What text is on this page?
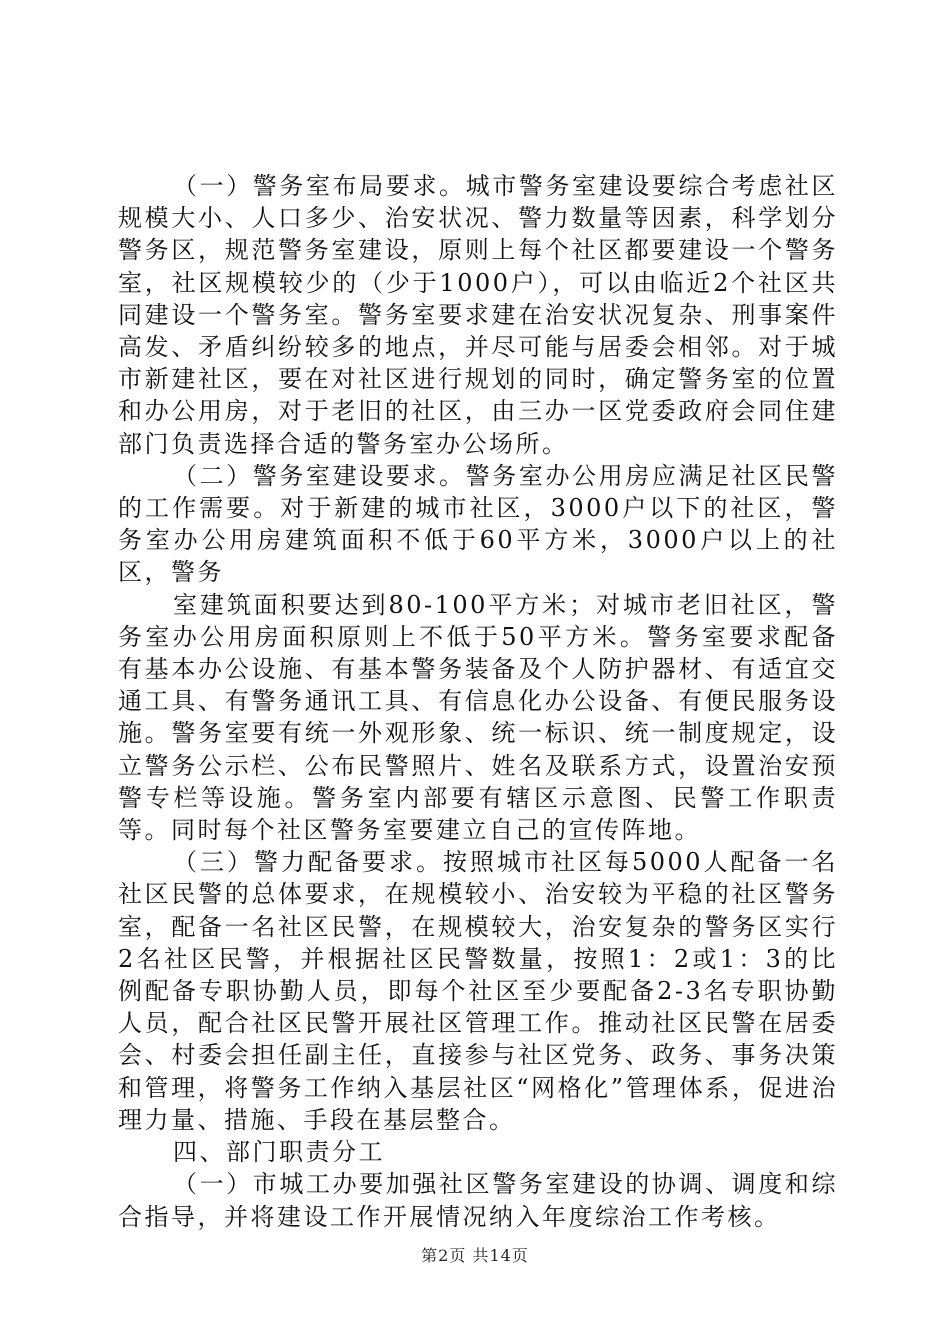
（一）警务室布局要求。城市警务室建设要综合考虑社区规模大小、人口多少、治安状况、警力数量等因素，科学划分警务区，规范警务室建设，原则上每个社区都要建设一个警务室，社区规模较少的（少于1000户），可以由临近2个社区共同建设一个警务室。警务室要求建在治安状况复杂、刑事案件高发、矛盾纠纷较多的地点，并尽可能与居委会相邻。对于城市新建社区，要在对社区进行规划的同时，确定警务室的位置和办公用房，对于老旧的社区，由三办一区党委政府会同住建部门负责选择合适的警务室办公场所。

（二）警务室建设要求。警务室办公用房应满足社区民警的工作需要。对于新建的城市社区，3000户以下的社区，警务室办公用房建筑面积不低于60平方米，3000户以上的社区，警务

室建筑面积要达到80-100平方米；对城市老旧社区，警务室办公用房面积原则上不低于50平方米。警务室要求配备有基本办公设施、有基本警务装备及个人防护器材、有适宜交通工具、有警务通讯工具、有信息化办公设备、有便民服务设施。警务室要有统一外观形象、统一标识、统一制度规定，设立警务公示栏、公布民警照片、姓名及联系方式，设置治安预警专栏等设施。警务室内部要有辖区示意图、民警工作职责等。同时每个社区警务室要建立自己的宣传阵地。

（三）警力配备要求。按照城市社区每5000人配备一名社区民警的总体要求，在规模较小、治安较为平稳的社区警务室，配备一名社区民警，在规模较大，治安复杂的警务区实行2名社区民警，并根据社区民警数量，按照1：2或1：3的比例配备专职协勤人员，即每个社区至少要配备2-3名专职协勤人员，配合社区民警开展社区管理工作。推动社区民警在居委会、村委会担任副主任，直接参与社区党务、政务、事务决策和管理，将警务工作纳入基层社区“网格化”管理体系，促进治理力量、措施、手段在基层整合。

四、部门职责分工

（一）市城工办要加强社区警务室建设的协调、调度和综合指导，并将建设工作开展情况纳入年度综治工作考核。

第2页 共14页
